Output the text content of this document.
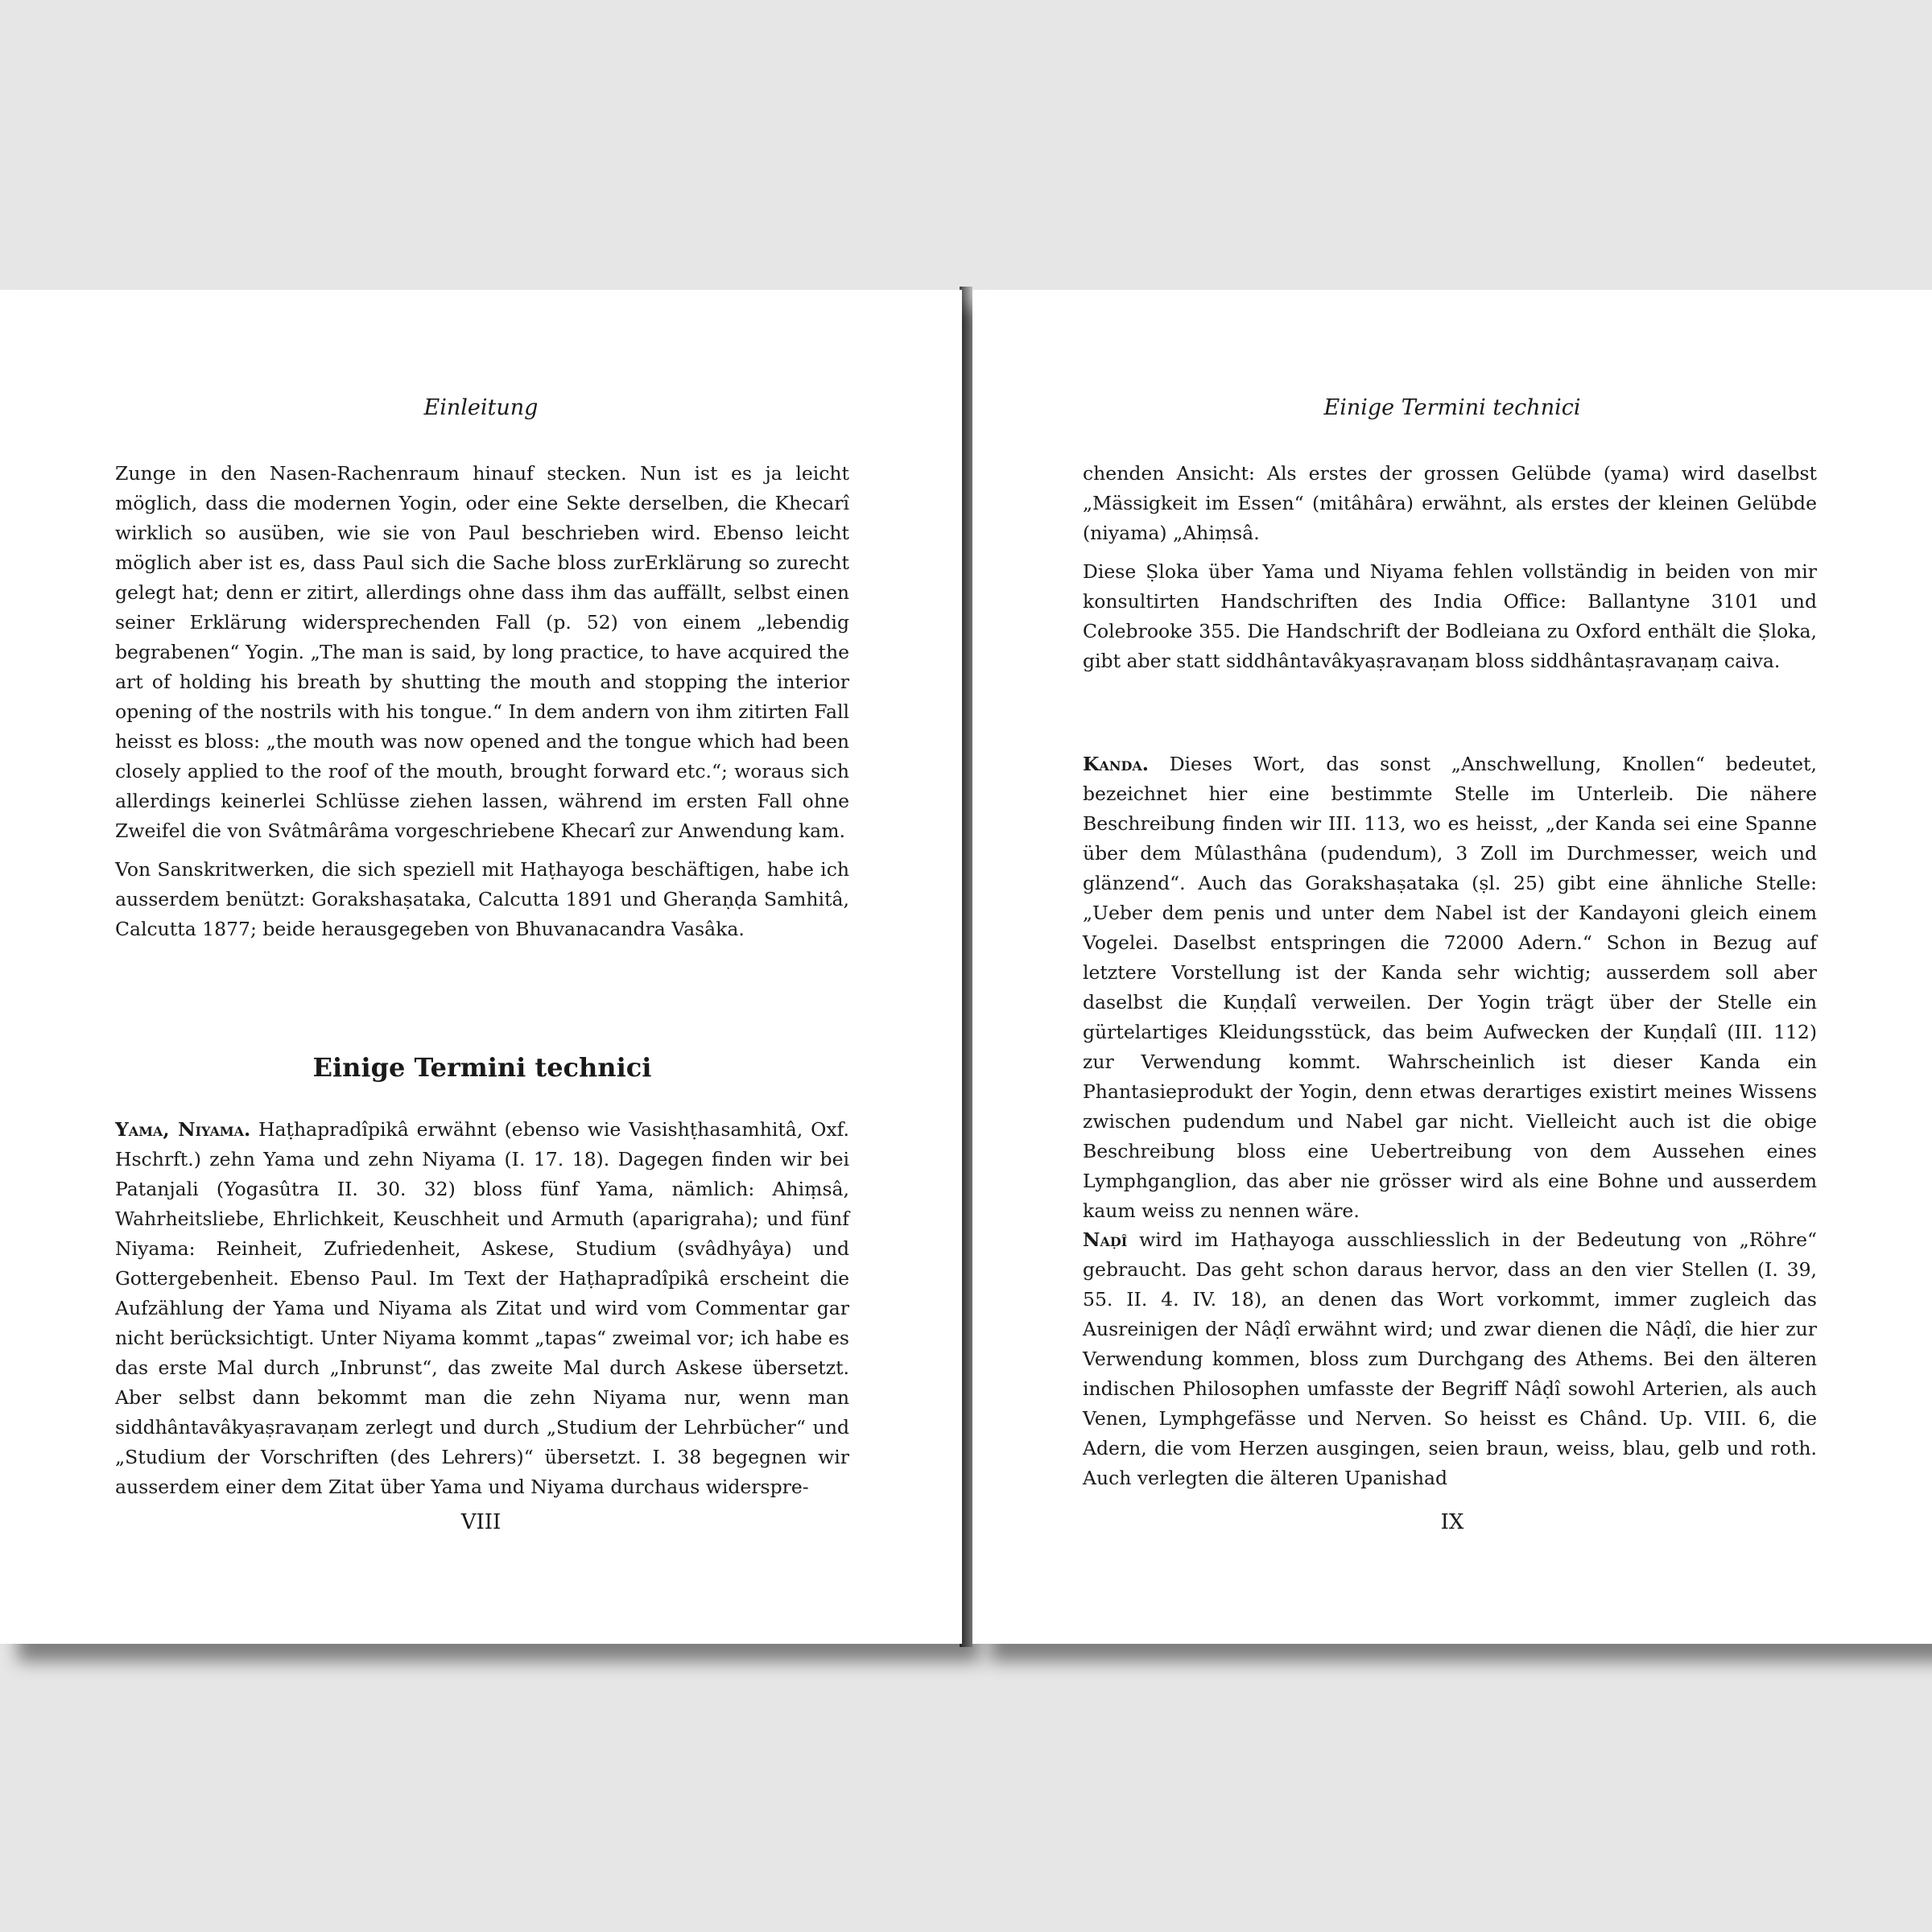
Einleitung

Zunge in den Nasen-Rachenraum hinauf stecken. Nun ist es ja leicht möglich, dass die modernen Yogin, oder eine Sekte derselben, die Khecarî wirklich so ausüben, wie sie von Paul beschrieben wird. Ebenso leicht möglich aber ist es, dass Paul sich die Sache bloss zurErklärung so zurecht gelegt hat; denn er zitirt, allerdings ohne dass ihm das auffällt, selbst einen seiner Erklärung widersprechenden Fall (p. 52) von einem „lebendig begrabenen“ Yogin. „The man is said, by long practice, to have acquired the art of holding his breath by shutting the mouth and stopping the interior opening of the nostrils with his tongue.“ In dem andern von ihm zitirten Fall heisst es bloss: „the mouth was now opened and the tongue which had been closely applied to the roof of the mouth, brought forward etc.“; woraus sich allerdings keinerlei Schlüsse ziehen lassen, während im ersten Fall ohne Zweifel die von Svâtmârâma vorgeschriebene Khecarî zur Anwendung kam.

Von Sanskritwerken, die sich speziell mit Haṭhayoga beschäftigen, habe ich ausserdem benützt: Gorakshaṣataka, Calcutta 1891 und Gheraṇḍa Samhitâ, Calcutta 1877; beide herausgegeben von Bhuvanacandra Vasâka.

Einige Termini technici

Yama, Niyama. Haṭhapradîpikâ erwähnt (ebenso wie Vasishṭhasamhitâ, Oxf. Hschrft.) zehn Yama und zehn Niyama (I. 17. 18). Dagegen finden wir bei Patanjali (Yogasûtra II. 30. 32) bloss fünf Yama, nämlich: Ahiṃsâ, Wahrheitsliebe, Ehrlichkeit, Keuschheit und Armuth (aparigraha); und fünf Niyama: Reinheit, Zufriedenheit, Askese, Studium (svâdhyâya) und Gottergebenheit. Ebenso Paul. Im Text der Haṭhapradîpikâ erscheint die Aufzählung der Yama und Niyama als Zitat und wird vom Commentar gar nicht berücksichtigt. Unter Niyama kommt „tapas“ zweimal vor; ich habe es das erste Mal durch „Inbrunst“, das zweite Mal durch Askese übersetzt. Aber selbst dann bekommt man die zehn Niyama nur, wenn man siddhântavâkyaṣravaṇam zerlegt und durch „Studium der Lehrbücher“ und „Studium der Vorschriften (des Lehrers)“ übersetzt. I. 38 begegnen wir ausserdem einer dem Zitat über Yama und Niyama durchaus widerspre-

VIII
Einige Termini technici

chenden Ansicht: Als erstes der grossen Gelübde (yama) wird daselbst „Mässigkeit im Essen“ (mitâhâra) erwähnt, als erstes der kleinen Gelübde (niyama) „Ahiṃsâ.

Diese Ṣloka über Yama und Niyama fehlen vollständig in beiden von mir konsultirten Handschriften des India Office: Ballantyne 3101 und Colebrooke 355. Die Handschrift der Bodleiana zu Oxford enthält die Ṣloka, gibt aber statt siddhântavâkyaṣravaṇam bloss siddhântaṣravaṇaṃ caiva.

Kanda. Dieses Wort, das sonst „Anschwellung, Knollen“ bedeutet, bezeichnet hier eine bestimmte Stelle im Unterleib. Die nähere Beschreibung finden wir III. 113, wo es heisst, „der Kanda sei eine Spanne über dem Mûlasthâna (pudendum), 3 Zoll im Durchmesser, weich und glänzend“. Auch das Gorakshaṣataka (ṣl. 25) gibt eine ähnliche Stelle: „Ueber dem penis und unter dem Nabel ist der Kandayoni gleich einem Vogelei. Daselbst entspringen die 72000 Adern.“ Schon in Bezug auf letztere Vorstellung ist der Kanda sehr wichtig; ausserdem soll aber daselbst die Kuṇḍalî verweilen. Der Yogin trägt über der Stelle ein gürtelartiges Kleidungsstück, das beim Aufwecken der Kuṇḍalî (III. 112) zur Verwendung kommt. Wahrscheinlich ist dieser Kanda ein Phantasieprodukt der Yogin, denn etwas derartiges existirt meines Wissens zwischen pudendum und Nabel gar nicht. Vielleicht auch ist die obige Beschreibung bloss eine Uebertreibung von dem Aussehen eines Lymphganglion, das aber nie grösser wird als eine Bohne und ausserdem kaum weiss zu nennen wäre.

Naḍî wird im Haṭhayoga ausschliesslich in der Bedeutung von „Röhre“ gebraucht. Das geht schon daraus hervor, dass an den vier Stellen (I. 39, 55. II. 4. IV. 18), an denen das Wort vorkommt, immer zugleich das Ausreinigen der Nâḍî erwähnt wird; und zwar dienen die Nâḍî, die hier zur Verwendung kommen, bloss zum Durchgang des Athems. Bei den älteren indischen Philosophen umfasste der Begriff Nâḍî sowohl Arterien, als auch Venen, Lymphgefässe und Nerven. So heisst es Chând. Up. VIII. 6, die Adern, die vom Herzen ausgingen, seien braun, weiss, blau, gelb und roth. Auch verlegten die älteren Upanishad

IX
